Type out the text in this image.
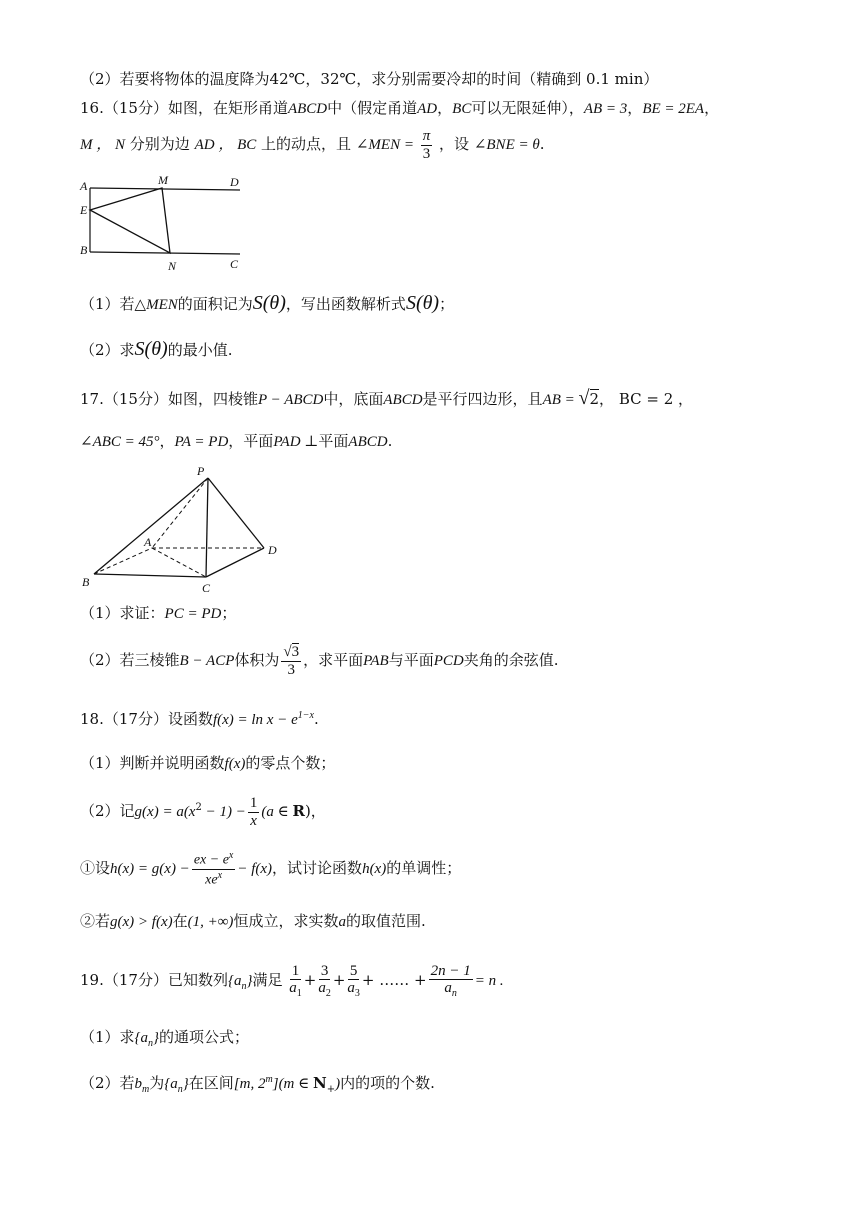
（2）若要将物体的温度降为42℃，32℃，求分别需要冷却的时间（精确到 0.1 min）
16.（15分）如图，在矩形甬道ABCD中（假定甬道AD，BC可以无限延伸），AB = 3，BE = 2EA，
M ， N 分别为边 AD ， BC 上的动点，且 ∠MEN = $\frac{\pi}{3}$ ，设 ∠BNE = θ.
A	M	D
E
B
N	C
（1）若△MEN的面积记为S(θ)，写出函数解析式S(θ)；
（2）求S(θ)的最小值.
17.（15分）如图，四棱锥P − ABCD中，底面ABCD是平行四边形，且AB = √2， BC = 2 ，
∠ABC = 45°，PA = PD，平面PAD ⊥平面ABCD.
P
A
D
B	C
（1）求证：PC = PD；
（2）若三棱锥B − ACP体积为 $\frac{√3}{3}$ ，求平面PAB与平面PCD夹角的余弦值.
18.（17分）设函数$f(x) = \ln x - e^{1-x}$.
（1）判断并说明函数f(x)的零点个数；
（2）记$g(x) = a(x^2 - 1) - \frac{1}{x} (a$ ∈ R)，
①设$h(x) = g(x) - \frac{ex - e^x}{xe^x} - f(x)$，试讨论函数h(x)的单调性；
②若g(x) > f(x)在(1, +∞)恒成立，求实数a的取值范围.
19.（17分）已知数列$\{a_n\}$满足 $\frac{1}{a_1} + \frac{3}{a_2} + \frac{5}{a_3}$ + …… + $\frac{2n - 1}{a_n} = n$ .
（1）求$\{a_n\}$的通项公式；
（2）若$b_m$为$\{a_n\}$在区间[m, 2$^m$](m ∈ $N_+$)内的项的个数.
